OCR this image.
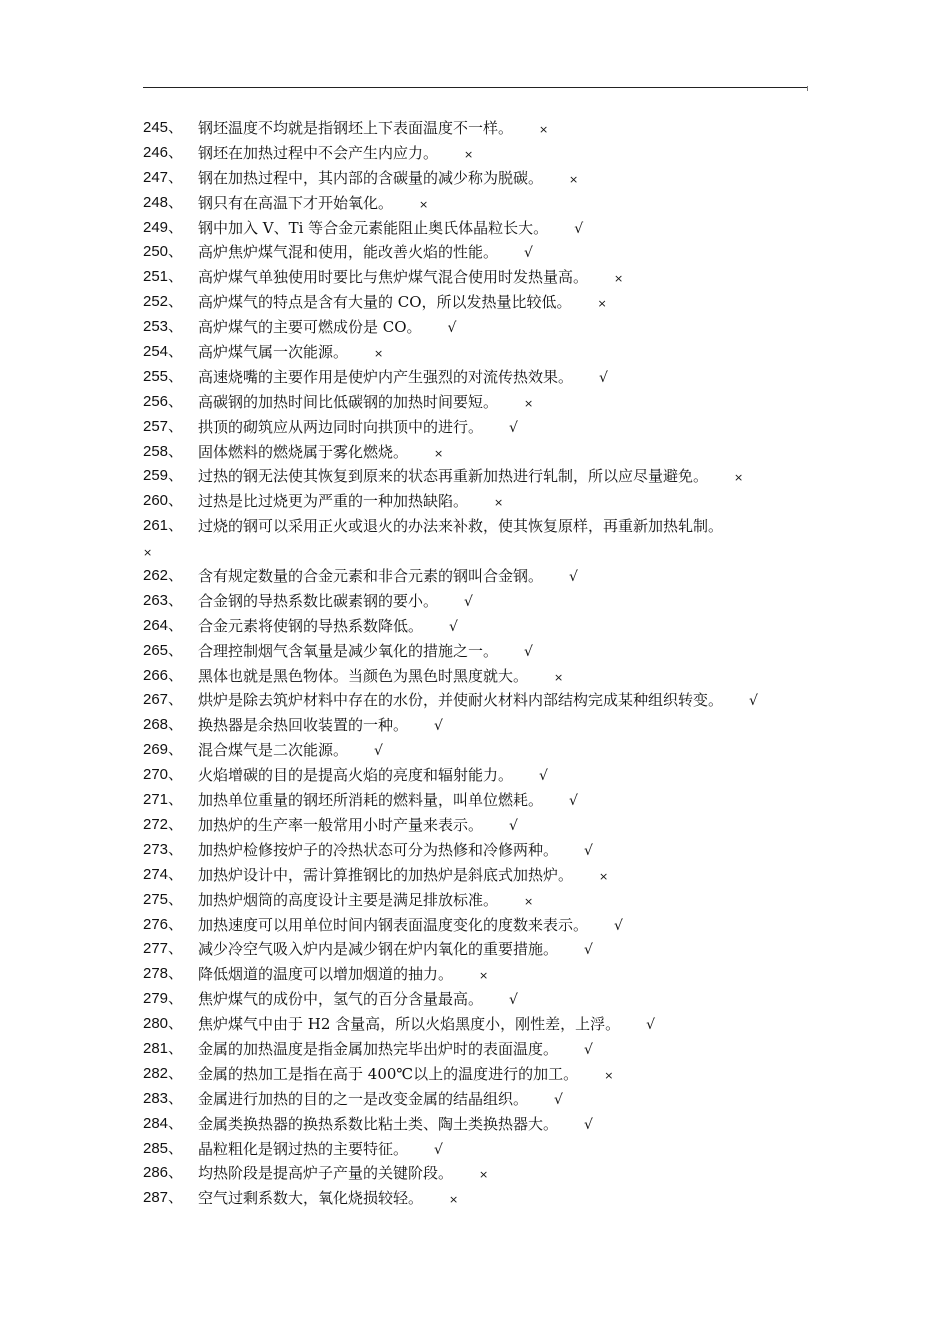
245、 钢坯温度不均就是指钢坯上下表面温度不一样。 ×
246、 钢坯在加热过程中不会产生内应力。 ×
247、 钢在加热过程中，其内部的含碳量的减少称为脱碳。 ×
248、 钢只有在高温下才开始氧化。 ×
249、 钢中加入 V、Ti 等合金元素能阻止奥氏体晶粒长大。 √
250、 高炉焦炉煤气混和使用，能改善火焰的性能。 √
251、 高炉煤气单独使用时要比与焦炉煤气混合使用时发热量高。 ×
252、 高炉煤气的特点是含有大量的 CO，所以发热量比较低。 ×
253、 高炉煤气的主要可燃成份是 CO。 √
254、 高炉煤气属一次能源。 ×
255、 高速烧嘴的主要作用是使炉内产生强烈的对流传热效果。 √
256、 高碳钢的加热时间比低碳钢的加热时间要短。 ×
257、 拱顶的砌筑应从两边同时向拱顶中的进行。 √
258、 固体燃料的燃烧属于雾化燃烧。 ×
259、 过热的钢无法使其恢复到原来的状态再重新加热进行轧制，所以应尽量避免。 ×
260、 过热是比过烧更为严重的一种加热缺陷。 ×
261、 过烧的钢可以采用正火或退火的办法来补救，使其恢复原样，再重新加热轧制。
×
262、 含有规定数量的合金元素和非合元素的钢叫合金钢。 √
263、 合金钢的导热系数比碳素钢的要小。 √
264、 合金元素将使钢的导热系数降低。 √
265、 合理控制烟气含氧量是减少氧化的措施之一。 √
266、 黑体也就是黑色物体。当颜色为黑色时黑度就大。 ×
267、 烘炉是除去筑炉材料中存在的水份，并使耐火材料内部结构完成某种组织转变。 √
268、 换热器是余热回收装置的一种。 √
269、 混合煤气是二次能源。 √
270、 火焰增碳的目的是提高火焰的亮度和辐射能力。 √
271、 加热单位重量的钢坯所消耗的燃料量，叫单位燃耗。 √
272、 加热炉的生产率一般常用小时产量来表示。 √
273、 加热炉检修按炉子的冷热状态可分为热修和冷修两种。 √
274、 加热炉设计中，需计算推钢比的加热炉是斜底式加热炉。 ×
275、 加热炉烟筒的高度设计主要是满足排放标准。 ×
276、 加热速度可以用单位时间内钢表面温度变化的度数来表示。 √
277、 减少冷空气吸入炉内是减少钢在炉内氧化的重要措施。 √
278、 降低烟道的温度可以增加烟道的抽力。 ×
279、 焦炉煤气的成份中，氢气的百分含量最高。 √
280、 焦炉煤气中由于 H2 含量高，所以火焰黑度小，刚性差，上浮。 √
281、 金属的加热温度是指金属加热完毕出炉时的表面温度。 √
282、 金属的热加工是指在高于 400℃以上的温度进行的加工。 ×
283、 金属进行加热的目的之一是改变金属的结晶组织。 √
284、 金属类换热器的换热系数比粘土类、陶土类换热器大。 √
285、 晶粒粗化是钢过热的主要特征。 √
286、 均热阶段是提高炉子产量的关键阶段。 ×
287、 空气过剩系数大，氧化烧损较轻。 ×
